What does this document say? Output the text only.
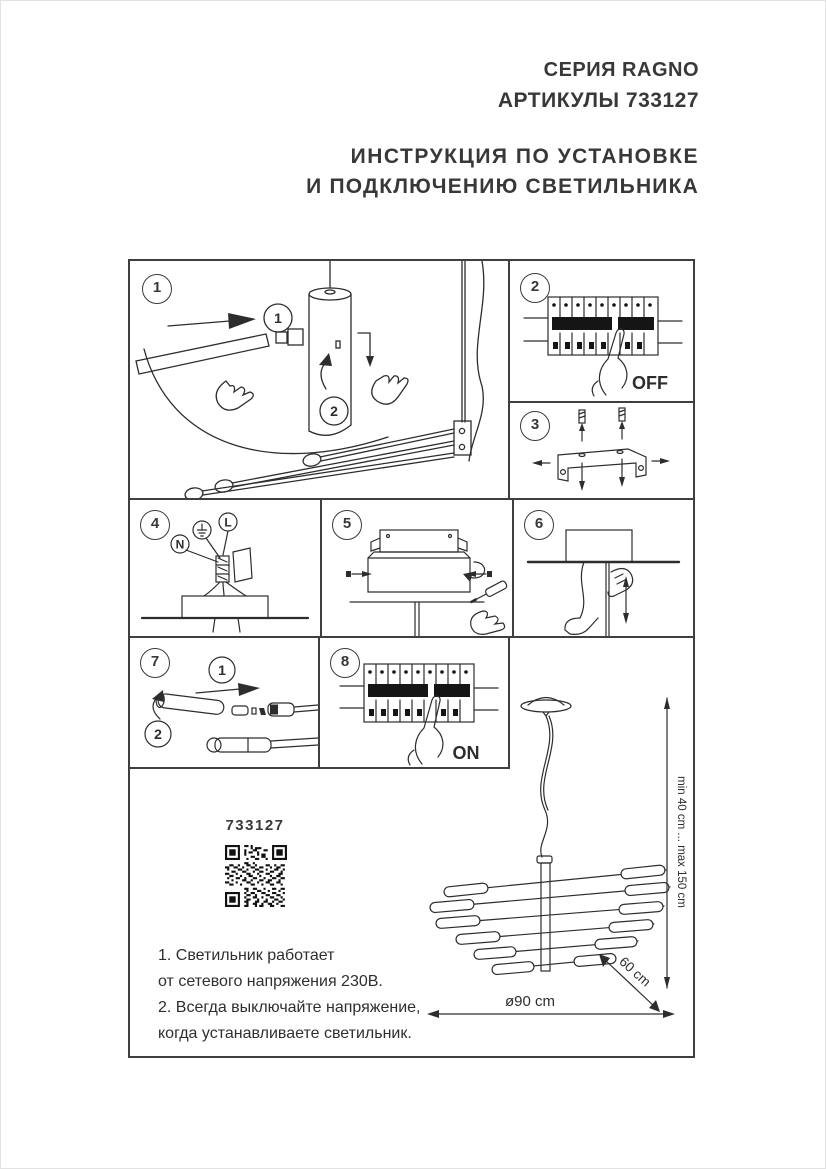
СЕРИЯ RAGNO
АРТИКУЛЫ 733127
ИНСТРУКЦИЯ ПО УСТАНОВКЕ
И ПОДКЛЮЧЕНИЮ СВЕТИЛЬНИКА
1
2
1
OFF
2
3
N
L
4	5	6
1
2
7
ON
8
733127
1. Светильник работает
от сетевого напряжения 230В.
2. Всегда выключайте напряжение,
когда устанавливаете светильник.
min 40 cm ... max 150 cm
60 cm
ø90 cm
